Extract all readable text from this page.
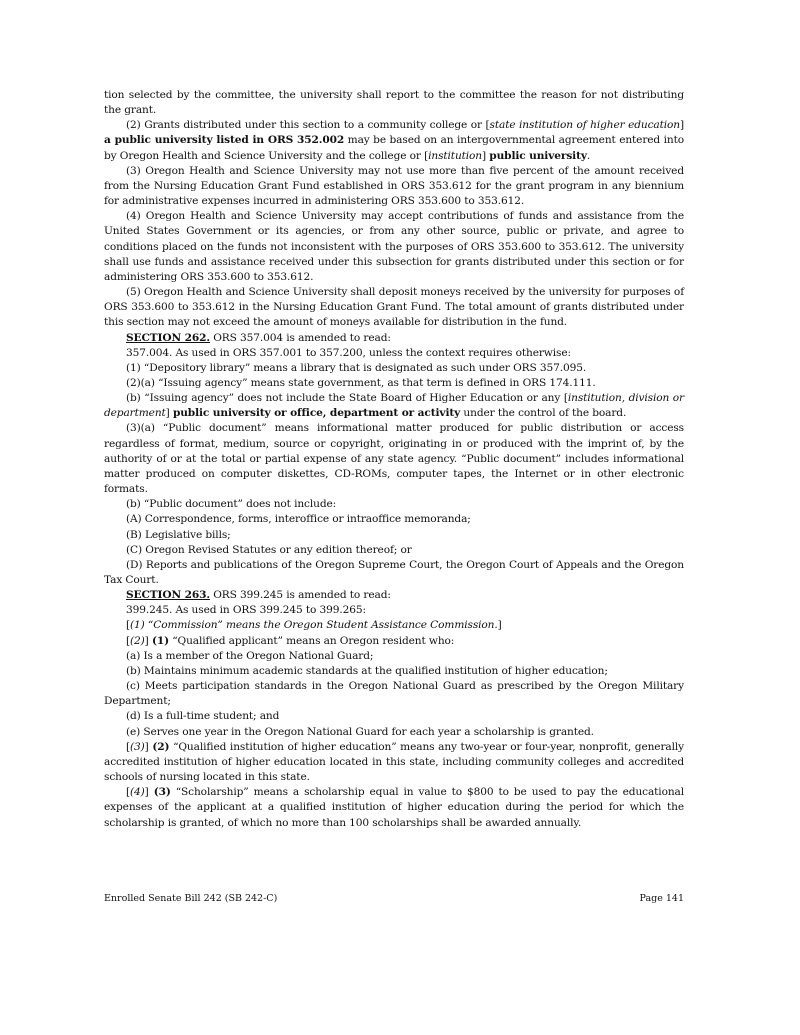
tion selected by the committee, the university shall report to the committee the reason for not distributing the grant.

(2) Grants distributed under this section to a community college or [state institution of higher education] a public university listed in ORS 352.002 may be based on an intergovernmental agreement entered into by Oregon Health and Science University and the college or [institution] public university.

(3) Oregon Health and Science University may not use more than five percent of the amount received from the Nursing Education Grant Fund established in ORS 353.612 for the grant program in any biennium for administrative expenses incurred in administering ORS 353.600 to 353.612.

(4) Oregon Health and Science University may accept contributions of funds and assistance from the United States Government or its agencies, or from any other source, public or private, and agree to conditions placed on the funds not inconsistent with the purposes of ORS 353.600 to 353.612. The university shall use funds and assistance received under this subsection for grants distributed under this section or for administering ORS 353.600 to 353.612.

(5) Oregon Health and Science University shall deposit moneys received by the university for purposes of ORS 353.600 to 353.612 in the Nursing Education Grant Fund. The total amount of grants distributed under this section may not exceed the amount of moneys available for distribution in the fund.

SECTION 262. ORS 357.004 is amended to read:

357.004. As used in ORS 357.001 to 357.200, unless the context requires otherwise:

(1) “Depository library” means a library that is designated as such under ORS 357.095.

(2)(a) “Issuing agency” means state government, as that term is defined in ORS 174.111.

(b) “Issuing agency” does not include the State Board of Higher Education or any [institution, division or department] public university or office, department or activity under the control of the board.

(3)(a) “Public document” means informational matter produced for public distribution or access regardless of format, medium, source or copyright, originating in or produced with the imprint of, by the authority of or at the total or partial expense of any state agency. “Public document” includes informational matter produced on computer diskettes, CD-ROMs, computer tapes, the Internet or in other electronic formats.

(b) “Public document” does not include:

(A) Correspondence, forms, interoffice or intraoffice memoranda;

(B) Legislative bills;

(C) Oregon Revised Statutes or any edition thereof; or

(D) Reports and publications of the Oregon Supreme Court, the Oregon Court of Appeals and the Oregon Tax Court.

SECTION 263. ORS 399.245 is amended to read:

399.245. As used in ORS 399.245 to 399.265:

[(1) “Commission” means the Oregon Student Assistance Commission.]

[(2)] (1) “Qualified applicant” means an Oregon resident who:

(a) Is a member of the Oregon National Guard;

(b) Maintains minimum academic standards at the qualified institution of higher education;

(c) Meets participation standards in the Oregon National Guard as prescribed by the Oregon Military Department;

(d) Is a full-time student; and

(e) Serves one year in the Oregon National Guard for each year a scholarship is granted.

[(3)] (2) “Qualified institution of higher education” means any two-year or four-year, nonprofit, generally accredited institution of higher education located in this state, including community colleges and accredited schools of nursing located in this state.

[(4)] (3) “Scholarship” means a scholarship equal in value to $800 to be used to pay the educational expenses of the applicant at a qualified institution of higher education during the period for which the scholarship is granted, of which no more than 100 scholarships shall be awarded annually.

Enrolled Senate Bill 242 (SB 242-C)	Page 141
